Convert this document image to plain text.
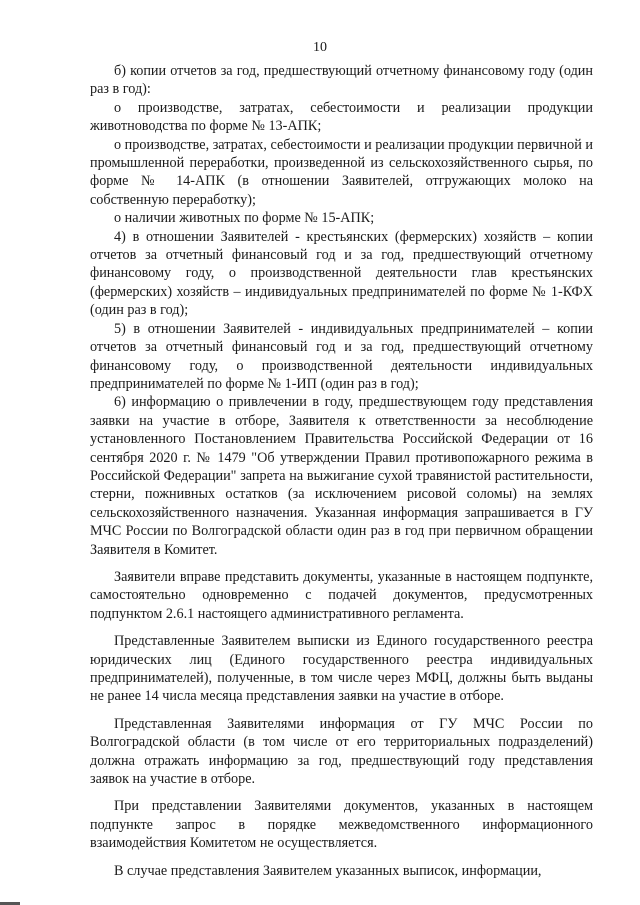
10

б) копии отчетов за год, предшествующий отчетному финансовому году (один раз в год):

о производстве, затратах, себестоимости и реализации продукции животноводства по форме № 13-АПК;

о производстве, затратах, себестоимости и реализации продукции первичной и промышленной переработки, произведенной из сельскохозяйственного сырья, по форме № 14-АПК (в отношении Заявителей, отгружающих молоко на собственную переработку);

о наличии животных по форме № 15-АПК;

4) в отношении Заявителей - крестьянских (фермерских) хозяйств – копии отчетов за отчетный финансовый год и за год, предшествующий отчетному финансовому году, о производственной деятельности глав крестьянских (фермерских) хозяйств – индивидуальных предпринимателей по форме № 1-КФХ (один раз в год);

5) в отношении Заявителей - индивидуальных предпринимателей – копии отчетов за отчетный финансовый год и за год, предшествующий отчетному финансовому году, о производственной деятельности индивидуальных предпринимателей по форме № 1-ИП (один раз в год);

6) информацию о привлечении в году, предшествующем году представления заявки на участие в отборе, Заявителя к ответственности за несоблюдение установленного Постановлением Правительства Российской Федерации от 16 сентября 2020 г. № 1479 "Об утверждении Правил противопожарного режима в Российской Федерации" запрета на выжигание сухой травянистой растительности, стерни, пожнивных остатков (за исключением рисовой соломы) на землях сельскохозяйственного назначения. Указанная информация запрашивается в ГУ МЧС России по Волгоградской области один раз в год при первичном обращении Заявителя в Комитет.

Заявители вправе представить документы, указанные в настоящем подпункте, самостоятельно одновременно с подачей документов, предусмотренных подпунктом 2.6.1 настоящего административного регламента.

Представленные Заявителем выписки из Единого государственного реестра юридических лиц (Единого государственного реестра индивидуальных предпринимателей), полученные, в том числе через МФЦ, должны быть выданы не ранее 14 числа месяца представления заявки на участие в отборе.

Представленная Заявителями информация от ГУ МЧС России по Волгоградской области (в том числе от его территориальных подразделений) должна отражать информацию за год, предшествующий году представления заявок на участие в отборе.

При представлении Заявителями документов, указанных в настоящем подпункте запрос в порядке межведомственного информационного взаимодействия Комитетом не осуществляется.

В случае представления Заявителем указанных выписок, информации,
